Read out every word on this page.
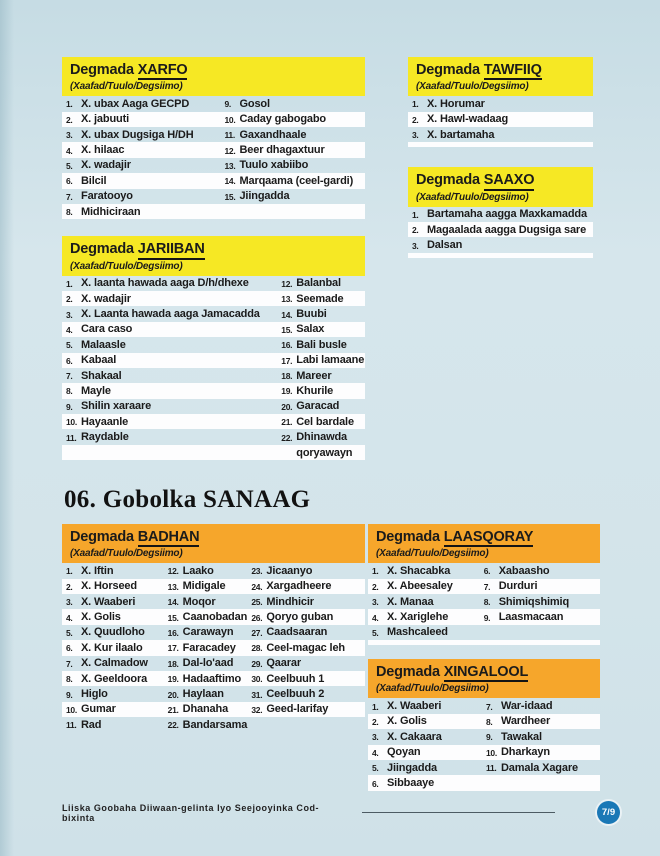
Degmada XARFO
(Xaafad/Tuulo/Degsiimo)
1. X. ubax Aaga GECPD	9. Gosol
2. X. jabuuti	10. Caday gabogabo
3. X. ubax Dugsiga H/DH	11. Gaxandhaale
4. X. hilaac	12. Beer dhagaxtuur
5. X. wadajir	13. Tuulo xabiibo
6. Bilcil	14. Marqaama (ceel-gardi)
7. Faratooyo	15. Jiingadda
8. Midhiciraan
Degmada JARIIBAN
(Xaafad/Tuulo/Degsiimo)
1. X. laanta hawada aaga D/h/dhexe	12. Balanbal
2. X. wadajir	13. Seemade
3. X. Laanta hawada aaga Jamacadda	14. Buubi
4. Cara caso	15. Salax
5. Malaasle	16. Bali busle
6. Kabaal	17. Labi lamaane
7. Shakaal	18. Mareer
8. Mayle	19. Khurile
9. Shilin xaraare	20. Garacad
10. Hayaanle	21. Cel bardale
11. Raydable	22. Dhinawda
qoryawayn
Degmada TAWFIIQ
(Xaafad/Tuulo/Degsiimo)
1. X. Horumar
2. X. Hawl-wadaag
3. X. bartamaha
Degmada SAAXO
(Xaafad/Tuulo/Degsiimo)
1. Bartamaha aagga Maxkamadda
2. Magaalada aagga Dugsiga sare
3. Dalsan
06. Gobolka SANAAG
Degmada BADHAN
(Xaafad/Tuulo/Degsiimo)
1. X. Iftin	12. Laako	23. Jicaanyo
2. X. Horseed	13. Midigale	24. Xargadheere
3. X. Waaberi	14. Moqor	25. Mindhicir
4. X. Golis	15. Caanobadan 26. Qoryo guban
5. X. Quudloho	16. Carawayn 27. Caadsaaran
6. X. Kur ilaalo	17. Faracadey 28. Ceel-magac leh
7. X. Calmadow 18. Dal-lo'aad 29. Qaarar
8. X. Geeldoora 19. Hadaaftimo 30. Ceelbuuh 1
9. Higlo	20. Haylaan	31. Ceelbuuh 2
10. Gumar	21. Dhanaha	32. Geed-larifay
11. Rad	22. Bandarsama
Degmada LAASQORAY
(Xaafad/Tuulo/Degsiimo)
1. X. Shacabka	6. Xabaasho
2. X. Abeesaley	7. Durduri
3. X. Manaa	8. Shimiqshimiq
4. X. Xariglehe	9. Laasmacaan
5. Mashcaleed
Degmada XINGALOOL
(Xaafad/Tuulo/Degsiimo)
1. X. Waaberi	7. War-idaad
2. X. Golis	8. Wardheer
3. X. Cakaara	9. Tawakal
4. Qoyan	10. Dharkayn
5. Jiingadda	11. Damala Xagare
6. Sibbaaye
Liiska Goobaha Diiwaan-gelinta Iyo Seejooyinka Cod-bixinta	7/9
